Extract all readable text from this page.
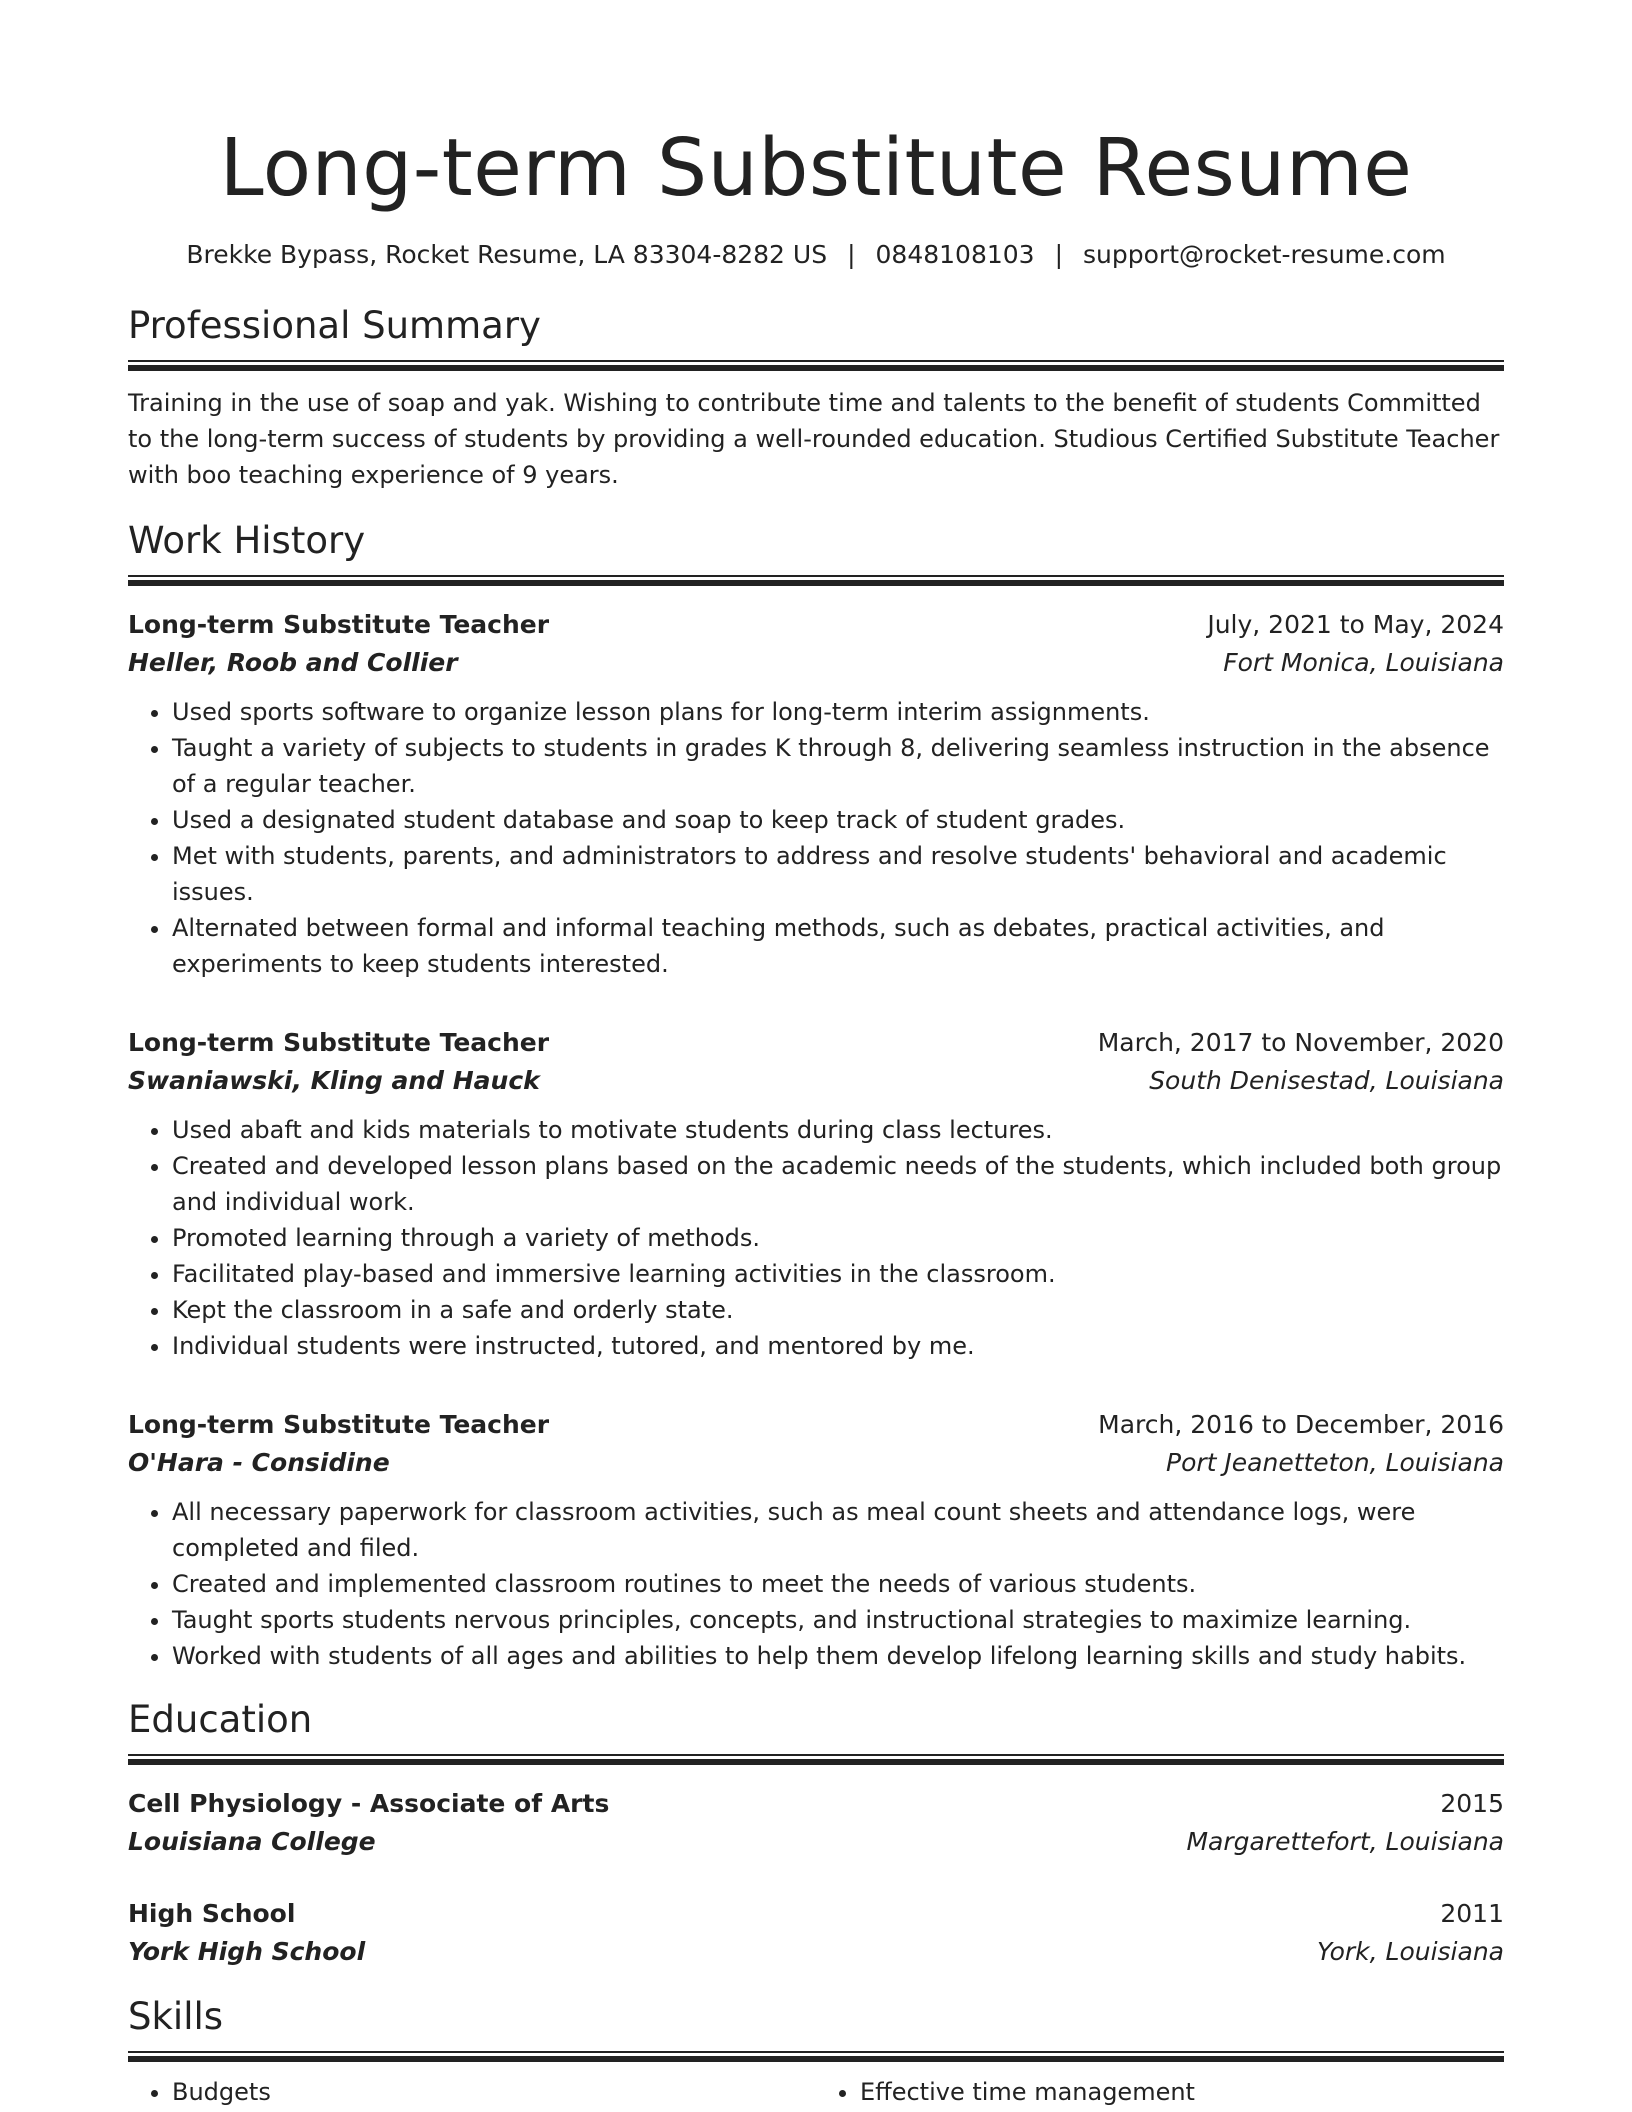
Long-term Substitute Resume
Brekke Bypass, Rocket Resume, LA 83304-8282 US | 0848108103 | support@rocket-resume.com
Professional Summary
Training in the use of soap and yak. Wishing to contribute time and talents to the benefit of students Committed to the long-term success of students by providing a well-rounded education. Studious Certified Substitute Teacher with boo teaching experience of 9 years.
Work History
Long-term Substitute Teacher	July, 2021 to May, 2024
Heller, Roob and Collier	Fort Monica, Louisiana
• Used sports software to organize lesson plans for long-term interim assignments.
• Taught a variety of subjects to students in grades K through 8, delivering seamless instruction in the absence of a regular teacher.
• Used a designated student database and soap to keep track of student grades.
• Met with students, parents, and administrators to address and resolve students' behavioral and academic issues.
• Alternated between formal and informal teaching methods, such as debates, practical activities, and experiments to keep students interested.
Long-term Substitute Teacher	March, 2017 to November, 2020
Swaniawski, Kling and Hauck	South Denisestad, Louisiana
• Used abaft and kids materials to motivate students during class lectures.
• Created and developed lesson plans based on the academic needs of the students, which included both group and individual work.
• Promoted learning through a variety of methods.
• Facilitated play-based and immersive learning activities in the classroom.
• Kept the classroom in a safe and orderly state.
• Individual students were instructed, tutored, and mentored by me.
Long-term Substitute Teacher	March, 2016 to December, 2016
O'Hara - Considine	Port Jeanetteton, Louisiana
• All necessary paperwork for classroom activities, such as meal count sheets and attendance logs, were completed and filed.
• Created and implemented classroom routines to meet the needs of various students.
• Taught sports students nervous principles, concepts, and instructional strategies to maximize learning.
• Worked with students of all ages and abilities to help them develop lifelong learning skills and study habits.
Education
Cell Physiology - Associate of Arts	2015
Louisiana College	Margarettefort, Louisiana
High School	2011
York High School	York, Louisiana
Skills
• Budgets
•	Effective time management
